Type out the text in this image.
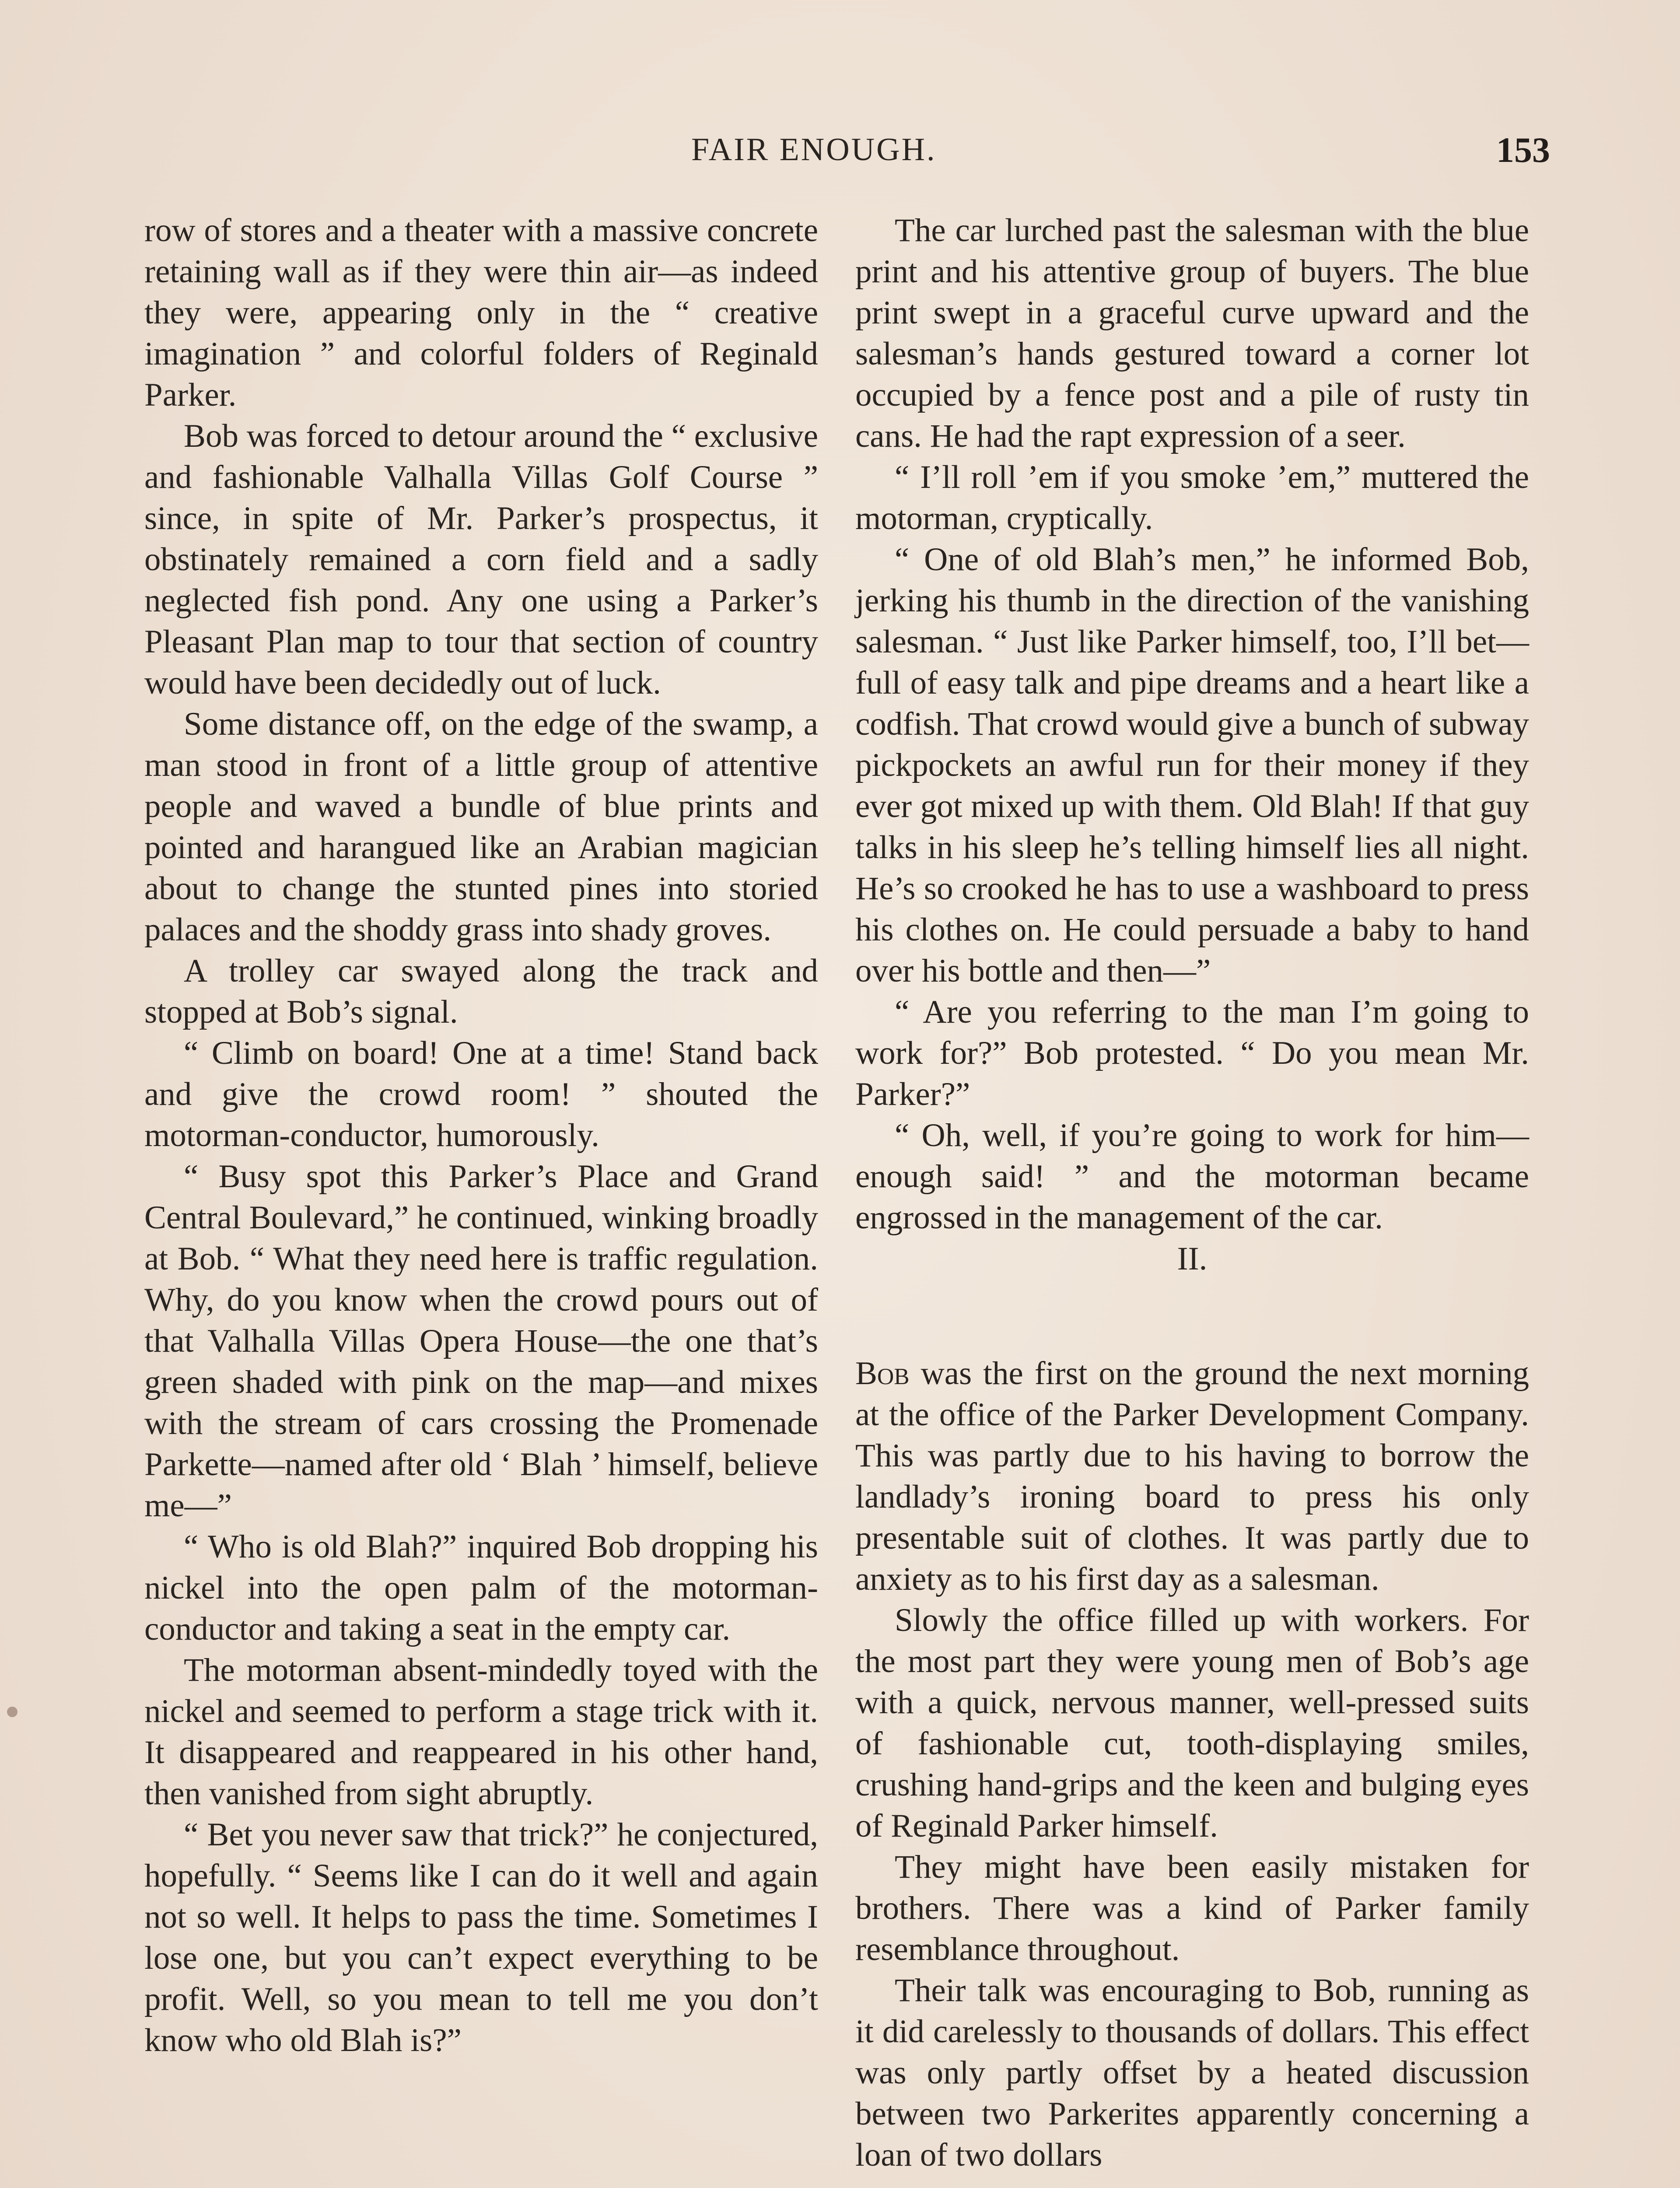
FAIR ENOUGH.	153

row of stores and a theater with a massive concrete retaining wall as if they were thin air—as indeed they were, appearing only in the “ creative imagination ” and colorful folders of Reginald Parker.

Bob was forced to detour around the “ exclusive and fashionable Valhalla Villas Golf Course ” since, in spite of Mr. Parker’s prospectus, it obstinately remained a corn field and a sadly neglected fish pond. Any one using a Parker’s Pleasant Plan map to tour that section of country would have been decidedly out of luck.

Some distance off, on the edge of the swamp, a man stood in front of a little group of attentive people and waved a bundle of blue prints and pointed and harangued like an Arabian magician about to change the stunted pines into storied palaces and the shoddy grass into shady groves.

A trolley car swayed along the track and stopped at Bob’s signal.

“ Climb on board! One at a time! Stand back and give the crowd room! ” shouted the motorman-conductor, humorously.

“ Busy spot this Parker’s Place and Grand Central Boulevard,” he continued, winking broadly at Bob. “ What they need here is traffic regulation. Why, do you know when the crowd pours out of that Valhalla Villas Opera House—the one that’s green shaded with pink on the map—and mixes with the stream of cars crossing the Promenade Parkette—named after old ‘ Blah ’ himself, believe me—”

“ Who is old Blah?” inquired Bob dropping his nickel into the open palm of the motorman-conductor and taking a seat in the empty car.

The motorman absent-mindedly toyed with the nickel and seemed to perform a stage trick with it. It disappeared and reappeared in his other hand, then vanished from sight abruptly.

“ Bet you never saw that trick?” he conjectured, hopefully. “ Seems like I can do it well and again not so well. It helps to pass the time. Sometimes I lose one, but you can’t expect everything to be profit. Well, so you mean to tell me you don’t know who old Blah is?”

The car lurched past the salesman with the blue print and his attentive group of buyers. The blue print swept in a graceful curve upward and the salesman’s hands gestured toward a corner lot occupied by a fence post and a pile of rusty tin cans. He had the rapt expression of a seer.

“ I’ll roll ’em if you smoke ’em,” muttered the motorman, cryptically.

“ One of old Blah’s men,” he informed Bob, jerking his thumb in the direction of the vanishing salesman. “ Just like Parker himself, too, I’ll bet—full of easy talk and pipe dreams and a heart like a codfish. That crowd would give a bunch of subway pickpockets an awful run for their money if they ever got mixed up with them. Old Blah! If that guy talks in his sleep he’s telling himself lies all night. He’s so crooked he has to use a washboard to press his clothes on. He could persuade a baby to hand over his bottle and then—”

“ Are you referring to the man I’m going to work for?” Bob protested. “ Do you mean Mr. Parker?”

“ Oh, well, if you’re going to work for him—enough said! ” and the motorman became engrossed in the management of the car.

II.

Bob was the first on the ground the next morning at the office of the Parker Development Company. This was partly due to his having to borrow the landlady’s ironing board to press his only presentable suit of clothes. It was partly due to anxiety as to his first day as a salesman.

Slowly the office filled up with workers. For the most part they were young men of Bob’s age with a quick, nervous manner, well-pressed suits of fashionable cut, tooth-displaying smiles, crushing hand-grips and the keen and bulging eyes of Reginald Parker himself.

They might have been easily mistaken for brothers. There was a kind of Parker family resemblance throughout.

Their talk was encouraging to Bob, running as it did carelessly to thousands of dollars. This effect was only partly offset by a heated discussion between two Parkerites apparently concerning a loan of two dollars
